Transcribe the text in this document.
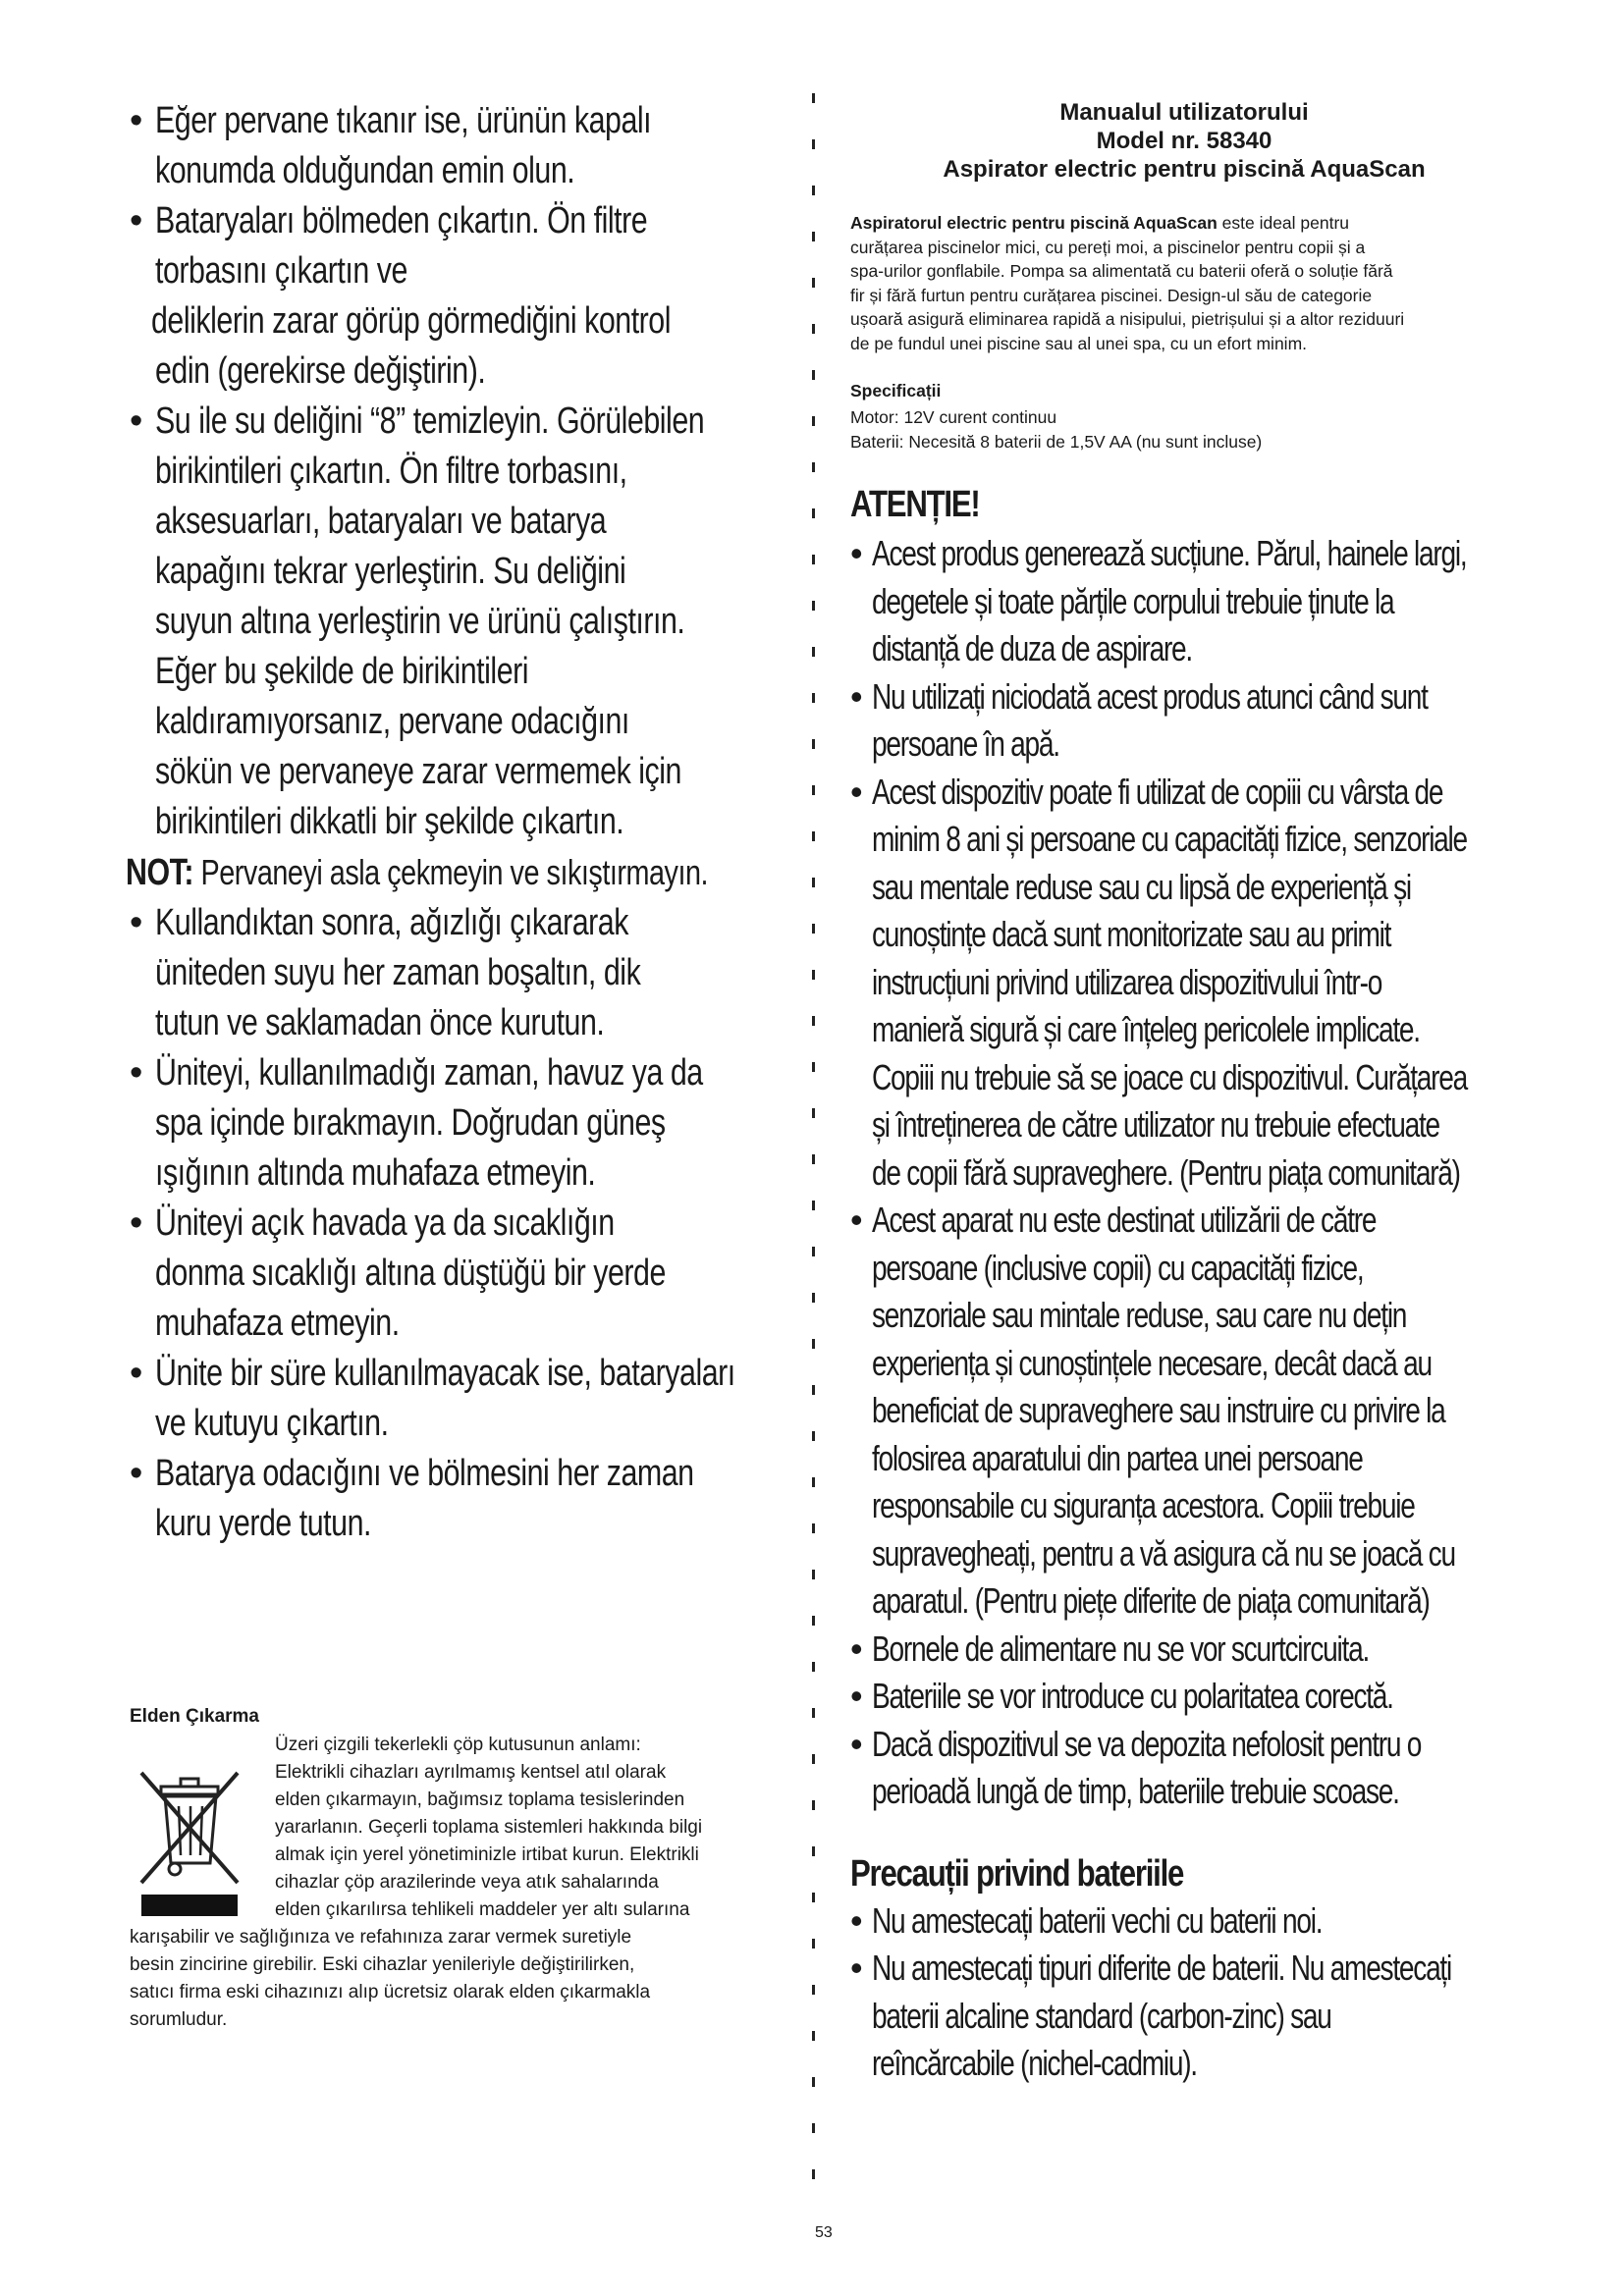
• Eğer pervane tıkanır ise, ürünün kapalı
konumda olduğundan emin olun.
• Bataryaları bölmeden çıkartın. Ön filtre
torbasını çıkartın ve
deliklerin zarar görüp görmediğini kontrol
edin (gerekirse değiştirin).
• Su ile su deliğini “8” temizleyin. Görülebilen
birikintileri çıkartın. Ön filtre torbasını,
aksesuarları, bataryaları ve batarya
kapağını tekrar yerleştirin. Su deliğini
suyun altına yerleştirin ve ürünü çalıştırın.
Eğer bu şekilde de birikintileri
kaldıramıyorsanız, pervane odacığını
sökün ve pervaneye zarar vermemek için
birikintileri dikkatli bir şekilde çıkartın.
NOT: Pervaneyi asla çekmeyin ve sıkıştırmayın.
• Kullandıktan sonra, ağızlığı çıkararak
üniteden suyu her zaman boşaltın, dik
tutun ve saklamadan önce kurutun.
• Üniteyi, kullanılmadığı zaman, havuz ya da
spa içinde bırakmayın. Doğrudan güneş
ışığının altında muhafaza etmeyin.
• Üniteyi açık havada ya da sıcaklığın
donma sıcaklığı altına düştüğü bir yerde
muhafaza etmeyin.
• Ünite bir süre kullanılmayacak ise, bataryaları
ve kutuyu çıkartın.
• Batarya odacığını ve bölmesini her zaman
kuru yerde tutun.
Elden Çıkarma
Üzeri çizgili tekerlekli çöp kutusunun anlamı:
Elektrikli cihazları ayrılmamış kentsel atıl olarak
elden çıkarmayın, bağımsız toplama tesislerinden
yararlanın. Geçerli toplama sistemleri hakkında bilgi
almak için yerel yönetiminizle irtibat kurun. Elektrikli
cihazlar çöp arazilerinde veya atık sahalarında
elden çıkarılırsa tehlikeli maddeler yer altı sularına
karışabilir ve sağlığınıza ve refahınıza zarar vermek suretiyle
besin zincirine girebilir. Eski cihazlar yenileriyle değiştirilirken,
satıcı firma eski cihazınızı alıp ücretsiz olarak elden çıkarmakla
sorumludur.
Manualul utilizatorului
Model nr. 58340
Aspirator electric pentru piscină AquaScan
Aspiratorul electric pentru piscină AquaScan este ideal pentru
curățarea piscinelor mici, cu pereți moi, a piscinelor pentru copii și a
spa-urilor gonflabile. Pompa sa alimentată cu baterii oferă o soluție fără
fir și fără furtun pentru curățarea piscinei. Design-ul său de categorie
ușoară asigură eliminarea rapidă a nisipului, pietrișului și a altor reziduuri
de pe fundul unei piscine sau al unei spa, cu un efort minim.
Specificații
Motor: 12V curent continuu
Baterii: Necesită 8 baterii de 1,5V AA (nu sunt incluse)
ATENȚIE!
• Acest produs generează sucțiune. Părul, hainele largi,
degetele și toate părțile corpului trebuie ținute la
distanță de duza de aspirare.
• Nu utilizați niciodată acest produs atunci când sunt
persoane în apă.
• Acest dispozitiv poate fi utilizat de copiii cu vârsta de
minim 8 ani și persoane cu capacități fizice, senzoriale
sau mentale reduse sau cu lipsă de experiență și
cunoștințe dacă sunt monitorizate sau au primit
instrucțiuni privind utilizarea dispozitivului într-o
manieră sigură și care înțeleg pericolele implicate.
Copiii nu trebuie să se joace cu dispozitivul. Curățarea
și întreținerea de către utilizator nu trebuie efectuate
de copii fără supraveghere. (Pentru piața comunitară)
• Acest aparat nu este destinat utilizării de către
persoane (inclusive copii) cu capacități fizice,
senzoriale sau mintale reduse, sau care nu dețin
experiența și cunoștințele necesare, decât dacă au
beneficiat de supraveghere sau instruire cu privire la
folosirea aparatului din partea unei persoane
responsabile cu siguranța acestora. Copiii trebuie
supravegheați, pentru a vă asigura că nu se joacă cu
aparatul. (Pentru piețe diferite de piața comunitară)
• Bornele de alimentare nu se vor scurtcircuita.
• Bateriile se vor introduce cu polaritatea corectă.
• Dacă dispozitivul se va depozita nefolosit pentru o
perioadă lungă de timp, bateriile trebuie scoase.
Precauții privind bateriile
• Nu amestecați baterii vechi cu baterii noi.
• Nu amestecați tipuri diferite de baterii. Nu amestecați
baterii alcaline standard (carbon-zinc) sau
reîncărcabile (nichel-cadmiu).
53
